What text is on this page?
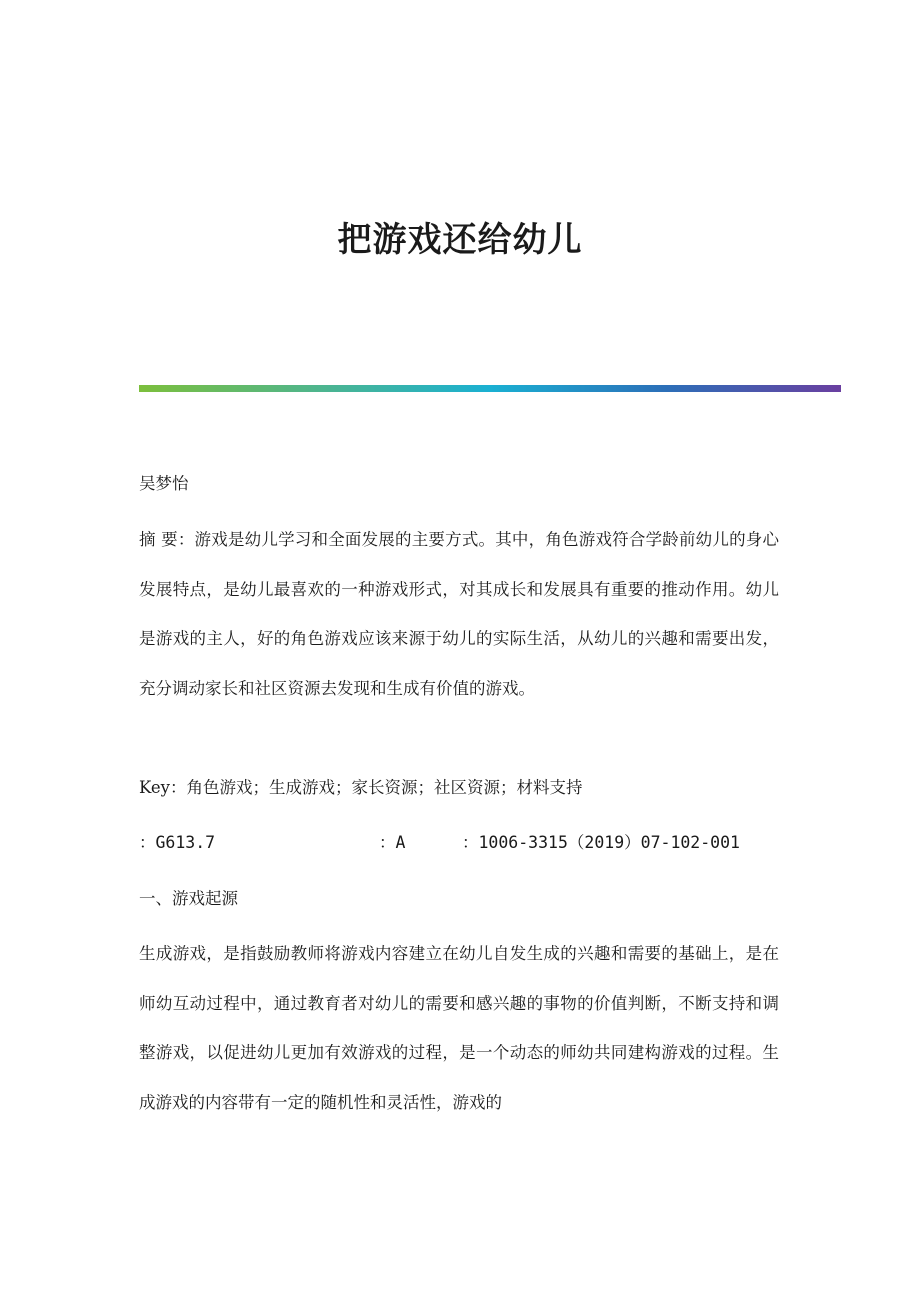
把游戏还给幼儿

吴梦怡

摘 要：游戏是幼儿学习和全面发展的主要方式。其中，角色游戏符合学龄前幼儿的身心发展特点，是幼儿最喜欢的一种游戏形式，对其成长和发展具有重要的推动作用。幼儿是游戏的主人，好的角色游戏应该来源于幼儿的实际生活，从幼儿的兴趣和需要出发，充分调动家长和社区资源去发现和生成有价值的游戏。

Key：角色游戏；生成游戏；家长资源；社区资源；材料支持

：G613.7	：A	：1006-3315（2019）07-102-001

一、游戏起源

生成游戏，是指鼓励教师将游戏内容建立在幼儿自发生成的兴趣和需要的基础上，是在师幼互动过程中，通过教育者对幼儿的需要和感兴趣的事物的价值判断，不断支持和调整游戏，以促进幼儿更加有效游戏的过程，是一个动态的师幼共同建构游戏的过程。生成游戏的内容带有一定的随机性和灵活性，游戏的
